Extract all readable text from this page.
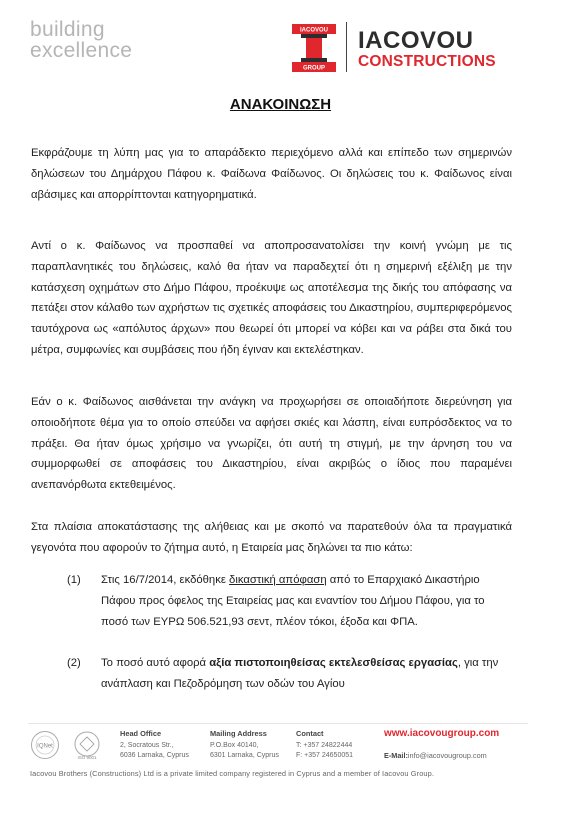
building
excellence
IACOVOU
GROUP
IACOVOU
CONSTRUCTIONS
ΑΝΑΚΟΙΝΩΣΗ

Εκφράζουμε τη λύπη μας για το απαράδεκτο περιεχόμενο αλλά και επίπεδο των σημερινών δηλώσεων του Δημάρχου Πάφου κ. Φαίδωνα Φαίδωνος. Οι δηλώσεις του κ. Φαίδωνος είναι αβάσιμες και απορρίπτονται κατηγορηματικά.

Αντί ο κ. Φαίδωνος να προσπαθεί να αποπροσανατολίσει την κοινή γνώμη με τις παραπλανητικές του δηλώσεις, καλό θα ήταν να παραδεχτεί ότι η σημερινή εξέλιξη με την κατάσχεση οχημάτων στο Δήμο Πάφου, προέκυψε ως αποτέλεσμα της δικής του απόφασης να πετάξει στον κάλαθο των αχρήστων τις σχετικές αποφάσεις του Δικαστηρίου, συμπεριφερόμενος ταυτόχρονα ως «απόλυτος άρχων» που θεωρεί ότι μπορεί να κόβει και να ράβει στα δικά του μέτρα, συμφωνίες και συμβάσεις που ήδη έγιναν και εκτελέστηκαν.

Εάν ο κ. Φαίδωνος αισθάνεται την ανάγκη να προχωρήσει σε οποιαδήποτε διερεύνηση για οποιοδήποτε θέμα για το οποίο σπεύδει να αφήσει σκιές και λάσπη, είναι ευπρόσδεκτος να το πράξει. Θα ήταν όμως χρήσιμο να γνωρίζει, ότι αυτή τη στιγμή, με την άρνηση του να συμμορφωθεί σε αποφάσεις του Δικαστηρίου, είναι ακριβώς ο ίδιος που παραμένει ανεπανόρθωτα εκτεθειμένος.

Στα πλαίσια αποκατάστασης της αλήθειας και με σκοπό να παρατεθούν όλα τα πραγματικά γεγονότα που αφορούν το ζήτημα αυτό, η Εταιρεία μας δηλώνει τα πιο κάτω:

(1) Στις 16/7/2014, εκδόθηκε δικαστική απόφαση από το Επαρχιακό Δικαστήριο Πάφου προς όφελος της Εταιρείας μας και εναντίον του Δήμου Πάφου, για το ποσό των ΕΥΡΩ 506.521,93 σεντ, πλέον τόκοι, έξοδα και ΦΠΑ.

(2) Το ποσό αυτό αφορά αξία πιστοποιηθείσας εκτελεσθείσας εργασίας, για την ανάπλαση και Πεζοδρόμηση των οδών του Αγίου

IQNet
ISO 9001
Head Office
2, Socratous Str.,
6036 Larnaka, Cyprus
Mailing Address
P.O.Box 40140,
6301 Larnaka, Cyprus
Contact
T: +357 24822444
F: +357 24650051
www.iacovougroup.com
E-Mail:info@iacovougroup.com
Iacovou Brothers (Constructions) Ltd is a private limited company registered in Cyprus and a member of Iacovou Group.
